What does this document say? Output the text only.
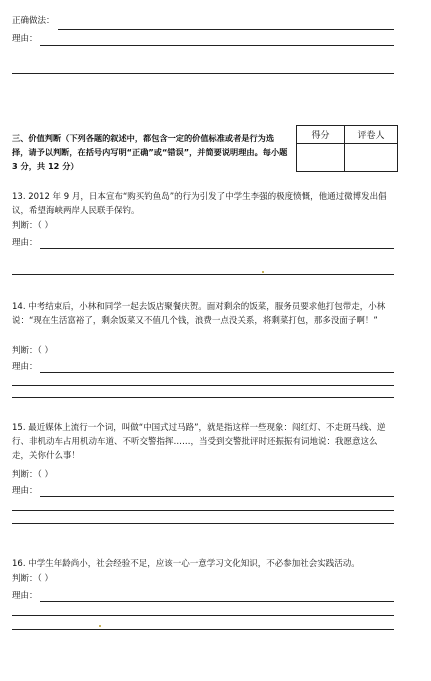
正确做法：
理由：
三、价值判断（下列各题的叙述中，都包含一定的价值标准或者是行为选择，请予以判断，在括号内写明“正确”或“错误”，并简要说明理由。每小题 3 分，共 12 分）
得分	评卷人

13. 2012 年 9 月，日本宣布“购买钓鱼岛”的行为引发了中学生李强的极度愤慨，他通过微博发出倡议，希望海峡两岸人民联手保钓。
判断：（ ）
理由：
14. 中考结束后，小林和同学一起去饭店聚餐庆贺。面对剩余的饭菜，服务员要求他打包带走，小林说：“现在生活富裕了，剩余饭菜又不值几个钱，浪费一点没关系，将剩菜打包，那多没面子啊！”
判断：（ ）
理由：
15. 最近媒体上流行一个词，叫做“中国式过马路”，就是指这样一些现象：闯红灯、不走斑马线、逆行、非机动车占用机动车道、不听交警指挥……，当受到交警批评时还振振有词地说：我愿意这么走，关你什么事！
判断：（ ）
理由：
16. 中学生年龄尚小，社会经验不足，应该一心一意学习文化知识，不必参加社会实践活动。
判断：（ ）
理由：
